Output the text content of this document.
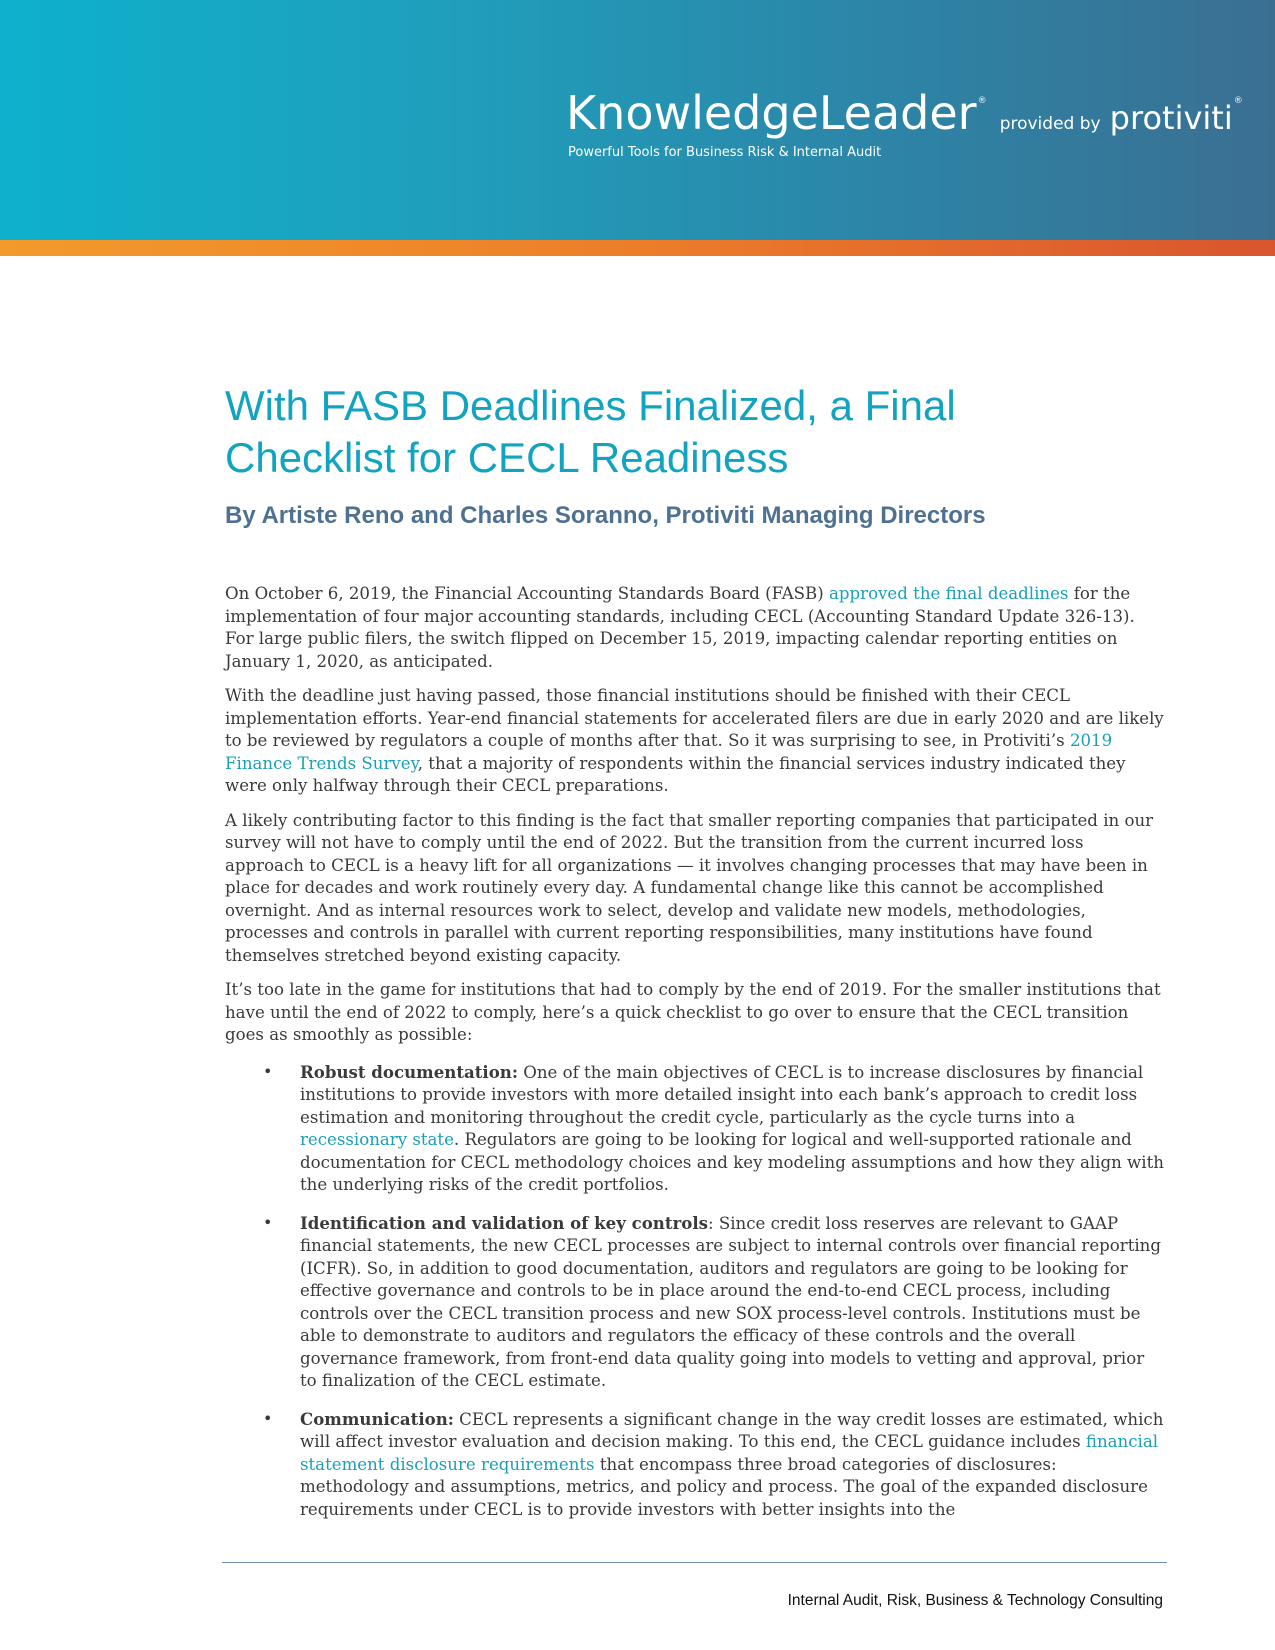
KnowledgeLeader® provided by protiviti®
Powerful Tools for Business Risk & Internal Audit
With FASB Deadlines Finalized, a Final Checklist for CECL Readiness
By Artiste Reno and Charles Soranno, Protiviti Managing Directors

On October 6, 2019, the Financial Accounting Standards Board (FASB) approved the final deadlines for the implementation of four major accounting standards, including CECL (Accounting Standard Update 326-13). For large public filers, the switch flipped on December 15, 2019, impacting calendar reporting entities on January 1, 2020, as anticipated.

With the deadline just having passed, those financial institutions should be finished with their CECL implementation efforts. Year-end financial statements for accelerated filers are due in early 2020 and are likely to be reviewed by regulators a couple of months after that. So it was surprising to see, in Protiviti’s 2019 Finance Trends Survey, that a majority of respondents within the financial services industry indicated they were only halfway through their CECL preparations.

A likely contributing factor to this finding is the fact that smaller reporting companies that participated in our survey will not have to comply until the end of 2022. But the transition from the current incurred loss approach to CECL is a heavy lift for all organizations — it involves changing processes that may have been in place for decades and work routinely every day. A fundamental change like this cannot be accomplished overnight. And as internal resources work to select, develop and validate new models, methodologies, processes and controls in parallel with current reporting responsibilities, many institutions have found themselves stretched beyond existing capacity.

It’s too late in the game for institutions that had to comply by the end of 2019. For the smaller institutions that have until the end of 2022 to comply, here’s a quick checklist to go over to ensure that the CECL transition goes as smoothly as possible:

• Robust documentation: One of the main objectives of CECL is to increase disclosures by financial institutions to provide investors with more detailed insight into each bank’s approach to credit loss estimation and monitoring throughout the credit cycle, particularly as the cycle turns into a recessionary state. Regulators are going to be looking for logical and well-supported rationale and documentation for CECL methodology choices and key modeling assumptions and how they align with the underlying risks of the credit portfolios.
• Identification and validation of key controls: Since credit loss reserves are relevant to GAAP financial statements, the new CECL processes are subject to internal controls over financial reporting (ICFR). So, in addition to good documentation, auditors and regulators are going to be looking for effective governance and controls to be in place around the end-to-end CECL process, including controls over the CECL transition process and new SOX process-level controls. Institutions must be able to demonstrate to auditors and regulators the efficacy of these controls and the overall governance framework, from front-end data quality going into models to vetting and approval, prior to finalization of the CECL estimate.
• Communication: CECL represents a significant change in the way credit losses are estimated, which will affect investor evaluation and decision making. To this end, the CECL guidance includes financial statement disclosure requirements that encompass three broad categories of disclosures: methodology and assumptions, metrics, and policy and process. The goal of the expanded disclosure requirements under CECL is to provide investors with better insights into the
Internal Audit, Risk, Business & Technology Consulting
